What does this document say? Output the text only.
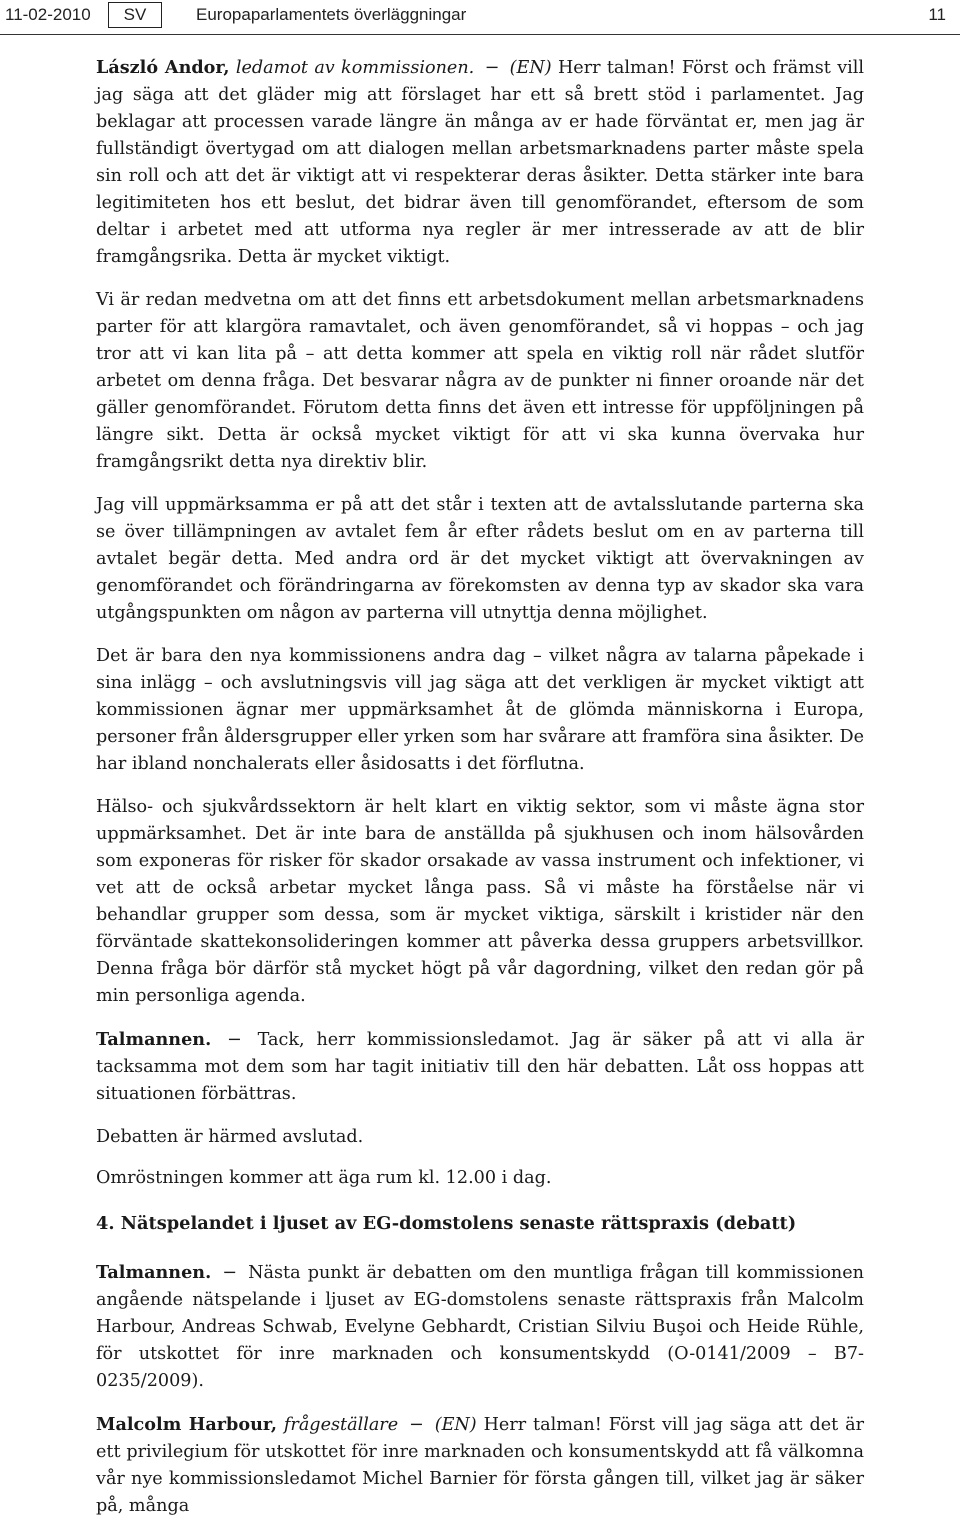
11-02-2010	SV	Europaparlamentets överläggningar	11

László Andor, ledamot av kommissionen. − (EN) Herr talman! Först och främst vill jag säga att det gläder mig att förslaget har ett så brett stöd i parlamentet. Jag beklagar att processen varade längre än många av er hade förväntat er, men jag är fullständigt övertygad om att dialogen mellan arbetsmarknadens parter måste spela sin roll och att det är viktigt att vi respekterar deras åsikter. Detta stärker inte bara legitimiteten hos ett beslut, det bidrar även till genomförandet, eftersom de som deltar i arbetet med att utforma nya regler är mer intresserade av att de blir framgångsrika. Detta är mycket viktigt.

Vi är redan medvetna om att det finns ett arbetsdokument mellan arbetsmarknadens parter för att klargöra ramavtalet, och även genomförandet, så vi hoppas – och jag tror att vi kan lita på – att detta kommer att spela en viktig roll när rådet slutför arbetet om denna fråga. Det besvarar några av de punkter ni finner oroande när det gäller genomförandet. Förutom detta finns det även ett intresse för uppföljningen på längre sikt. Detta är också mycket viktigt för att vi ska kunna övervaka hur framgångsrikt detta nya direktiv blir.

Jag vill uppmärksamma er på att det står i texten att de avtalsslutande parterna ska se över tillämpningen av avtalet fem år efter rådets beslut om en av parterna till avtalet begär detta. Med andra ord är det mycket viktigt att övervakningen av genomförandet och förändringarna av förekomsten av denna typ av skador ska vara utgångspunkten om någon av parterna vill utnyttja denna möjlighet.

Det är bara den nya kommissionens andra dag – vilket några av talarna påpekade i sina inlägg – och avslutningsvis vill jag säga att det verkligen är mycket viktigt att kommissionen ägnar mer uppmärksamhet åt de glömda människorna i Europa, personer från åldersgrupper eller yrken som har svårare att framföra sina åsikter. De har ibland nonchalerats eller åsidosatts i det förflutna.

Hälso- och sjukvårdssektorn är helt klart en viktig sektor, som vi måste ägna stor uppmärksamhet. Det är inte bara de anställda på sjukhusen och inom hälsovården som exponeras för risker för skador orsakade av vassa instrument och infektioner, vi vet att de också arbetar mycket långa pass. Så vi måste ha förståelse när vi behandlar grupper som dessa, som är mycket viktiga, särskilt i kristider när den förväntade skattekonsolideringen kommer att påverka dessa gruppers arbetsvillkor. Denna fråga bör därför stå mycket högt på vår dagordning, vilket den redan gör på min personliga agenda.

Talmannen. − Tack, herr kommissionsledamot. Jag är säker på att vi alla är tacksamma mot dem som har tagit initiativ till den här debatten. Låt oss hoppas att situationen förbättras.

Debatten är härmed avslutad.

Omröstningen kommer att äga rum kl. 12.00 i dag.

4. Nätspelandet i ljuset av EG-domstolens senaste rättspraxis (debatt)

Talmannen. − Nästa punkt är debatten om den muntliga frågan till kommissionen angående nätspelande i ljuset av EG-domstolens senaste rättspraxis från Malcolm Harbour, Andreas Schwab, Evelyne Gebhardt, Cristian Silviu Buşoi och Heide Rühle, för utskottet för inre marknaden och konsumentskydd (O-0141/2009 – B7-0235/2009).

Malcolm Harbour, frågeställare − (EN) Herr talman! Först vill jag säga att det är ett privilegium för utskottet för inre marknaden och konsumentskydd att få välkomna vår nye kommissionsledamot Michel Barnier för första gången till, vilket jag är säker på, många
